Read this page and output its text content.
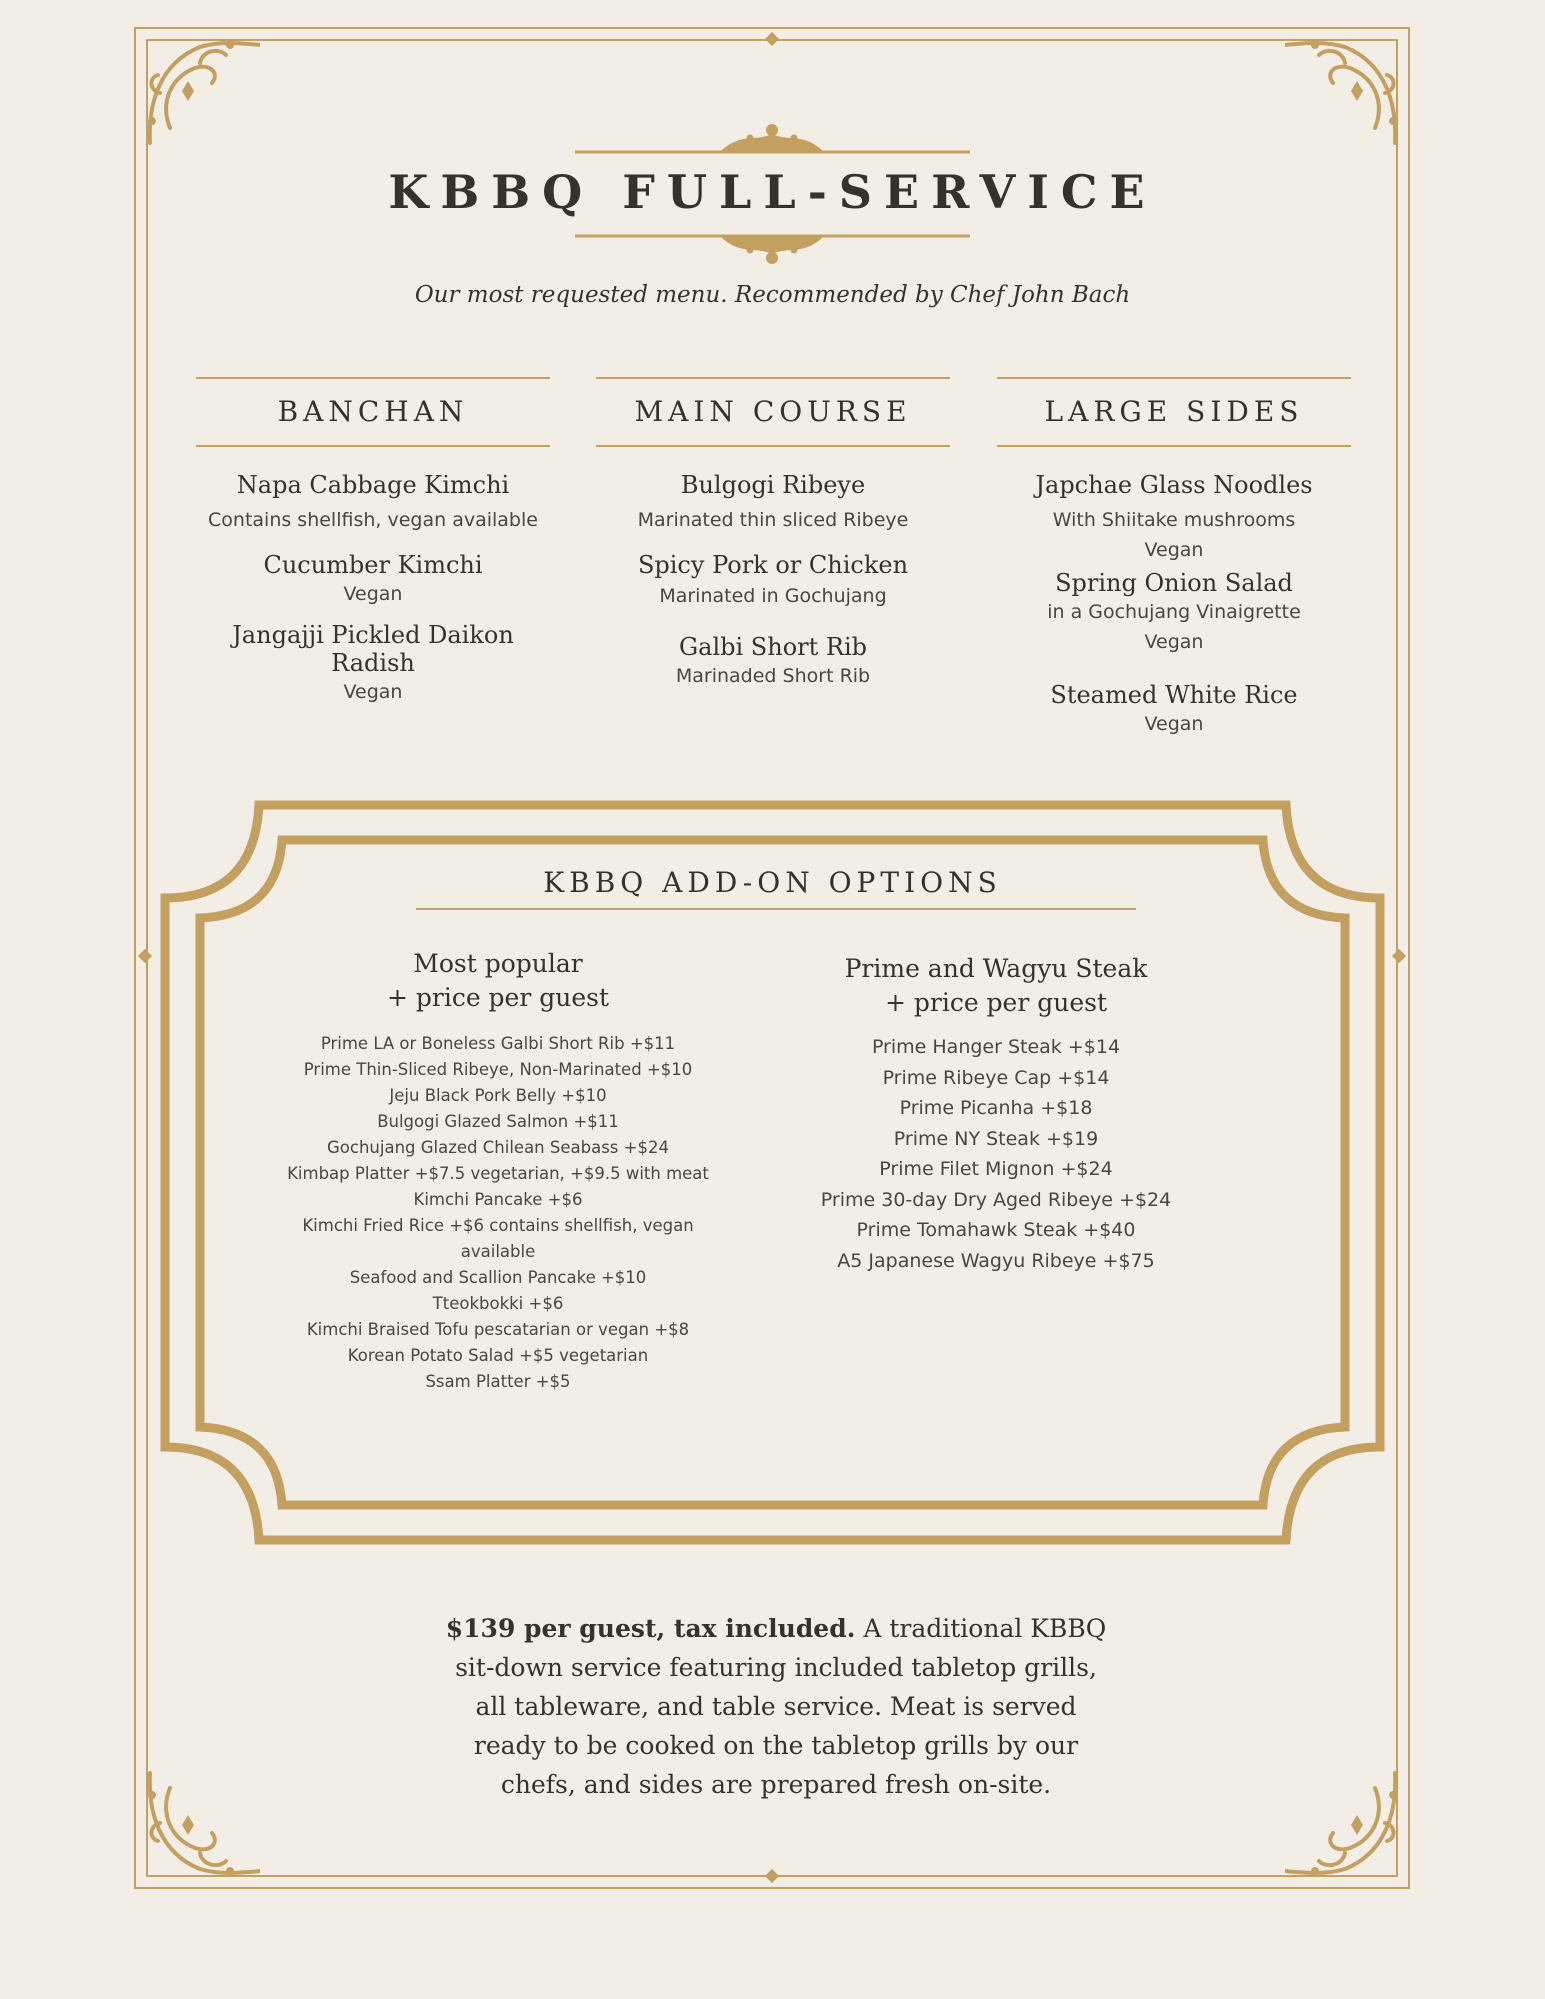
KBBQ FULL-SERVICE
Our most requested menu. Recommended by Chef John Bach
BANCHAN
Napa Cabbage Kimchi
Contains shellfish, vegan available
Cucumber Kimchi
Vegan
Jangajji Pickled Daikon Radish
Vegan
MAIN COURSE
Bulgogi Ribeye
Marinated thin sliced Ribeye
Spicy Pork or Chicken
Marinated in Gochujang
Galbi Short Rib
Marinaded Short Rib
LARGE SIDES
Japchae Glass Noodles
With Shiitake mushrooms
Vegan
Spring Onion Salad
in a Gochujang Vinaigrette
Vegan
Steamed White Rice
Vegan
KBBQ ADD-ON OPTIONS
Most popular
+ price per guest
Prime LA or Boneless Galbi Short Rib +$11
Prime Thin-Sliced Ribeye, Non-Marinated +$10
Jeju Black Pork Belly +$10
Bulgogi Glazed Salmon +$11
Gochujang Glazed Chilean Seabass +$24
Kimbap Platter +$7.5 vegetarian, +$9.5 with meat
Kimchi Pancake +$6
Kimchi Fried Rice +$6 contains shellfish, vegan available
Seafood and Scallion Pancake +$10
Tteokbokki +$6
Kimchi Braised Tofu pescatarian or vegan +$8
Korean Potato Salad +$5 vegetarian
Ssam Platter +$5
Prime and Wagyu Steak
+ price per guest
Prime Hanger Steak +$14
Prime Ribeye Cap +$14
Prime Picanha +$18
Prime NY Steak +$19
Prime Filet Mignon +$24
Prime 30-day Dry Aged Ribeye +$24
Prime Tomahawk Steak +$40
A5 Japanese Wagyu Ribeye +$75
$139 per guest, tax included. A traditional KBBQ sit-down service featuring included tabletop grills, all tableware, and table service. Meat is served ready to be cooked on the tabletop grills by our chefs, and sides are prepared fresh on-site.
